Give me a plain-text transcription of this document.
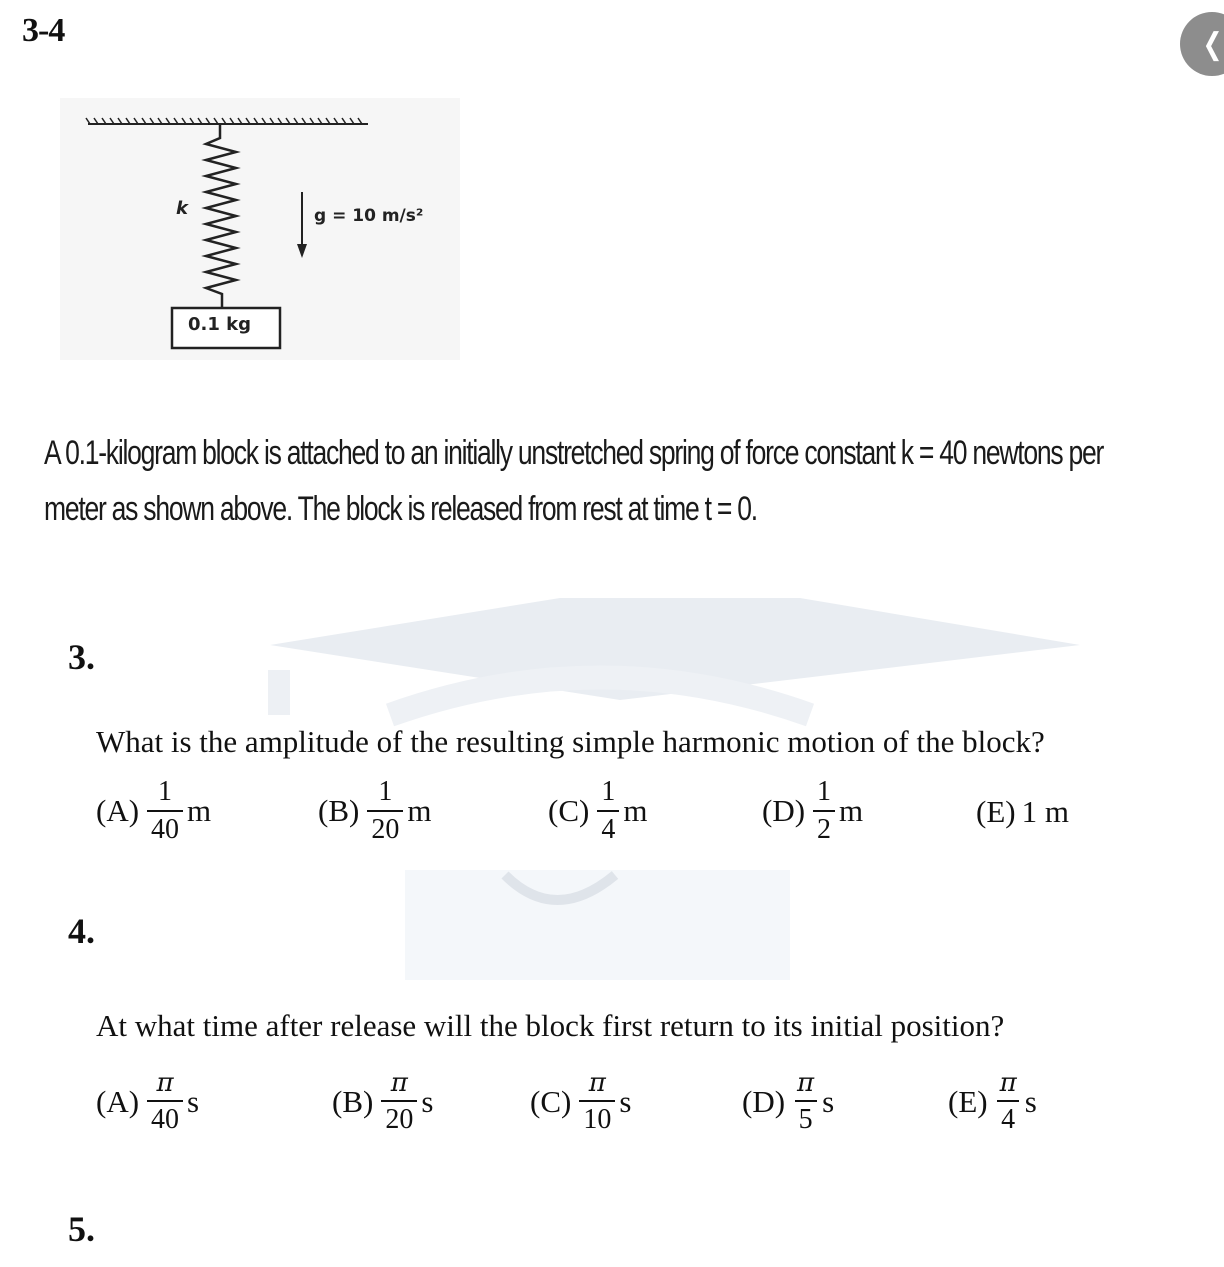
3-4	❮
k	g = 10 m/s²
0.1 kg
A 0.1-kilogram block is attached to an initially unstretched spring of force constant k = 40 newtons per meter as shown above. The block is released from rest at time t = 0.
3.
What is the amplitude of the resulting simple harmonic motion of the block?
$(A) \frac{1}{40}$ m	$(B) \frac{1}{20}$ m	$(C) \frac{1}{4}$ m	$(D) \frac{1}{2}$ m	(E) 1 m
4.
At what time after release will the block first return to its initial position?
$(A) \frac{\pi}{40}$ s	$(B) \frac{\pi}{20}$ s	$(C) \frac{\pi}{10}$ s	$(D) \frac{\pi}{5}$ s	$(E) \frac{\pi}{4}$ s
5.
